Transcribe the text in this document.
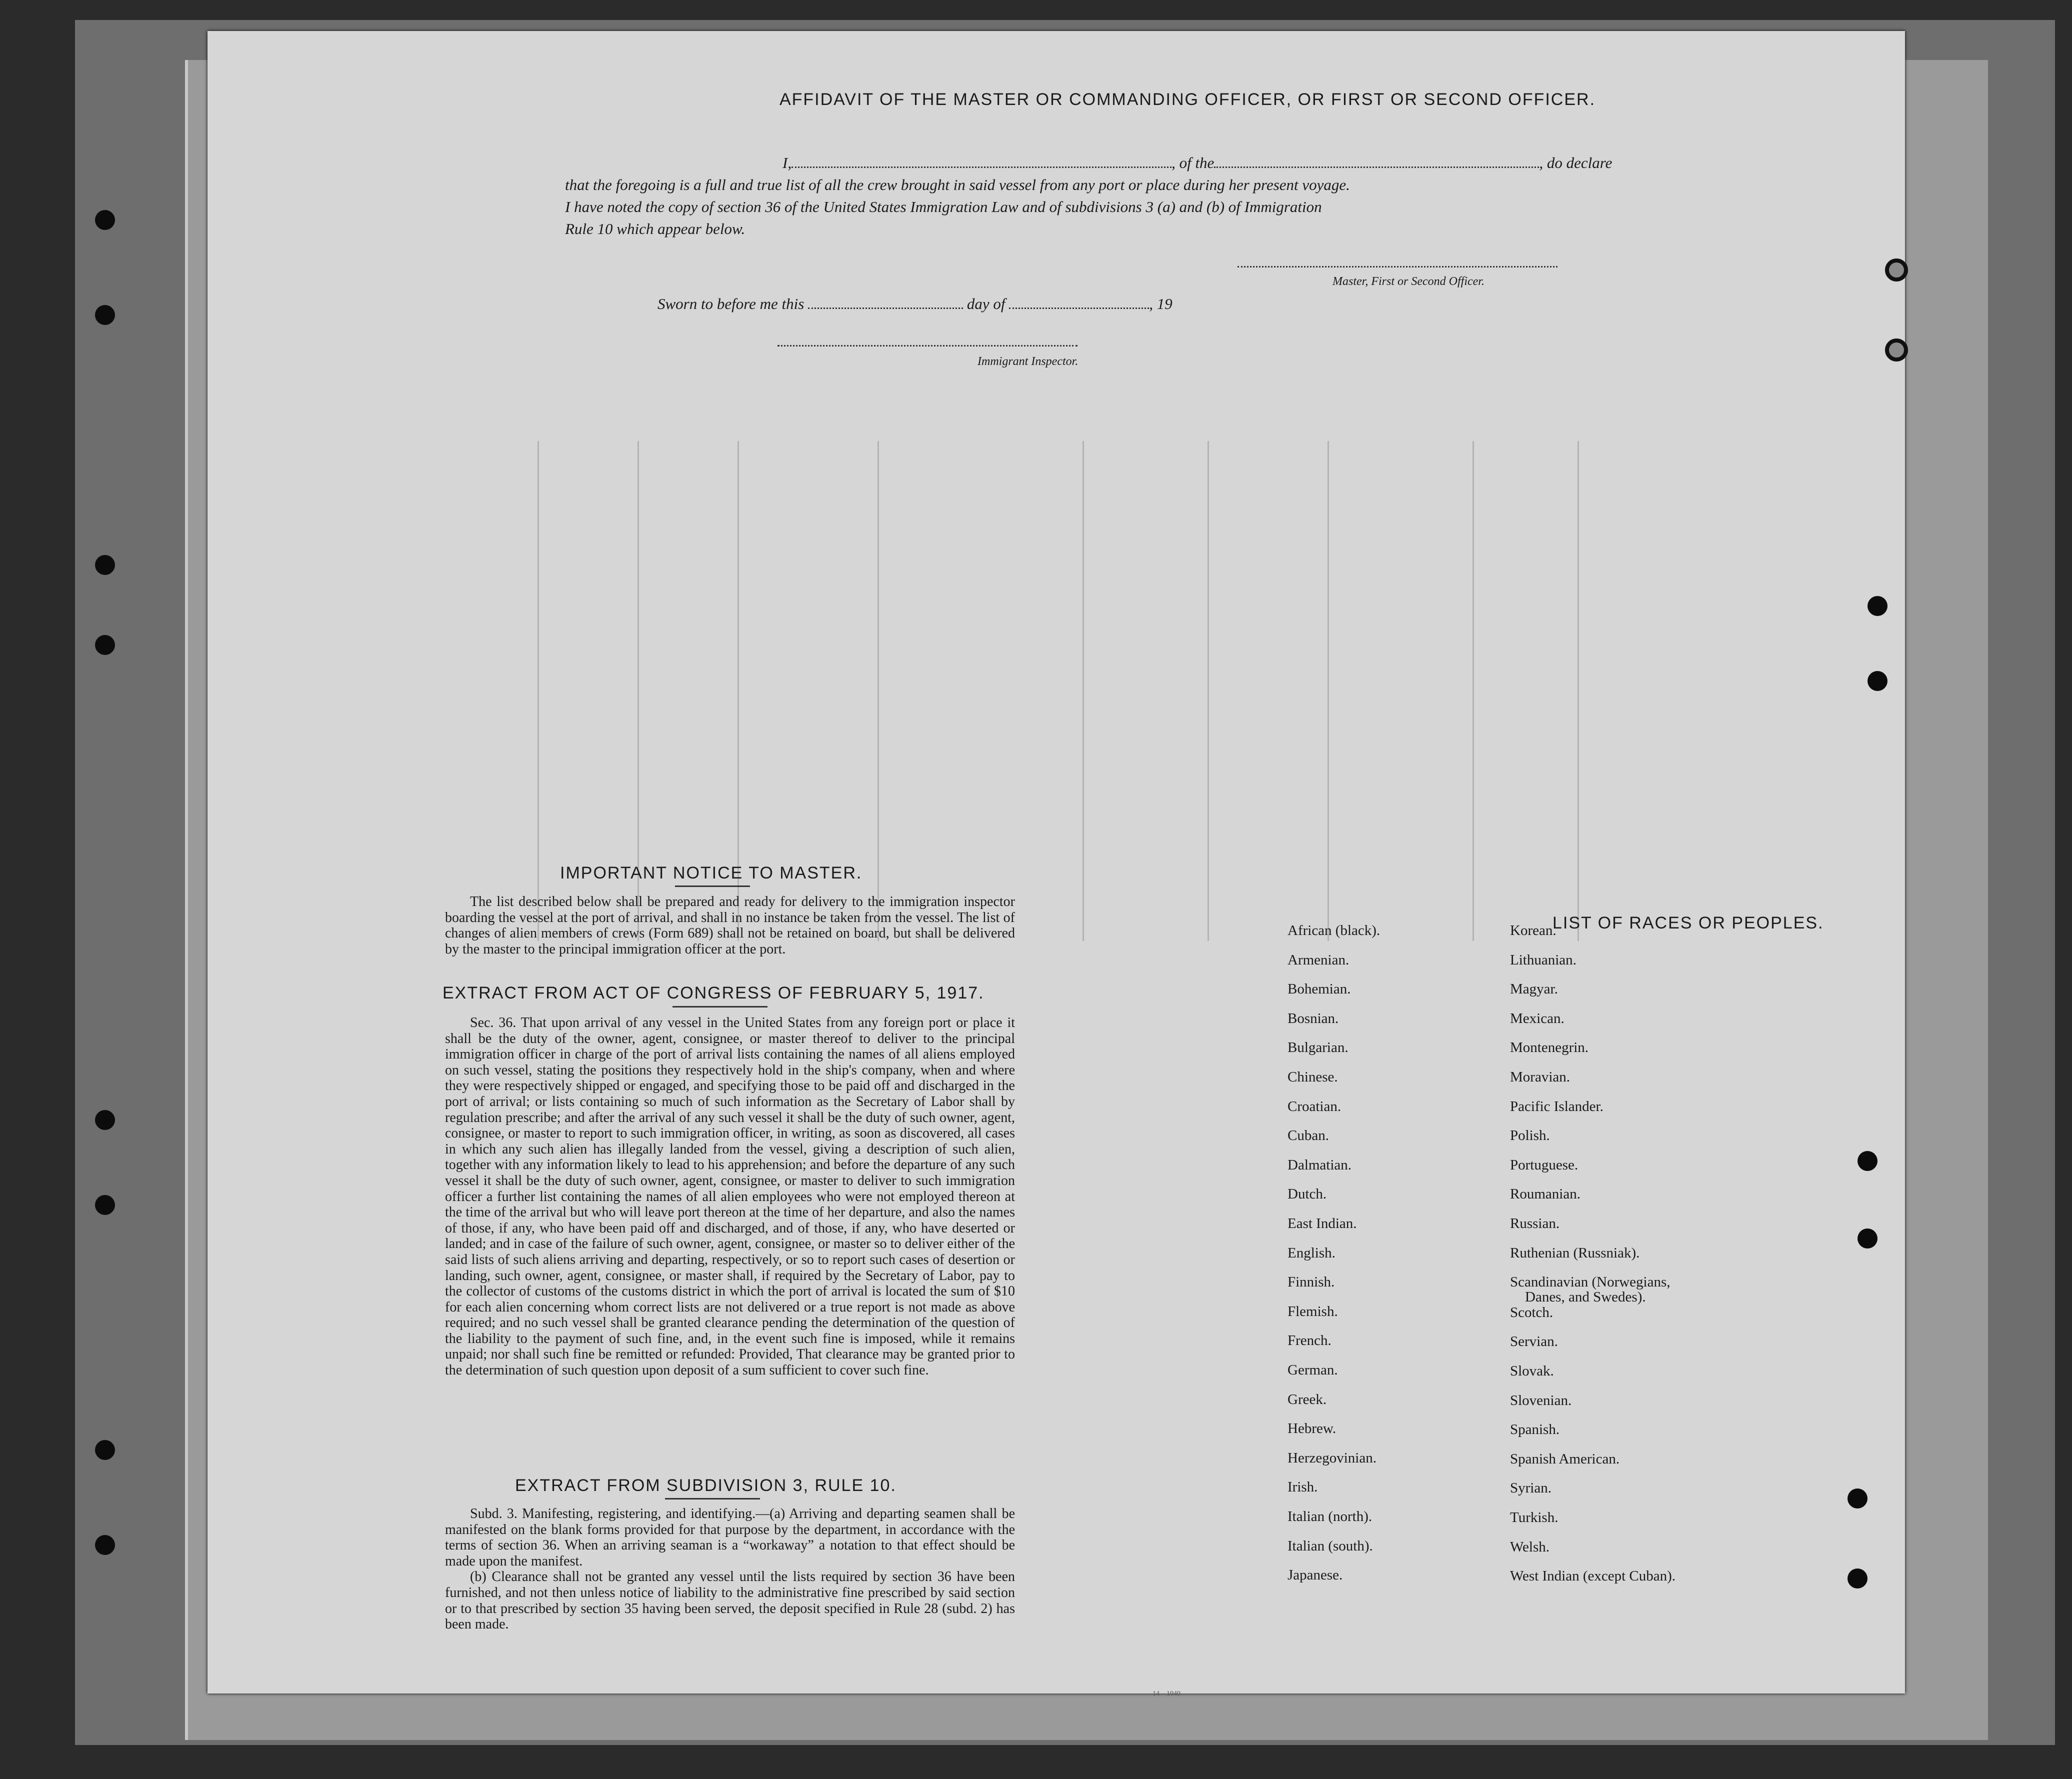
AFFIDAVIT OF THE MASTER OR COMMANDING OFFICER, OR FIRST OR SECOND OFFICER.
I,	, of the	, do declare
that the foregoing is a full and true list of all the crew brought in said vessel from any port or place during her present voyage.
I have noted the copy of section 36 of the United States Immigration Law and of subdivisions 3 (a) and (b) of Immigration
Rule 10 which appear below.
Master, First or Second Officer.
Sworn to before me this	day of	, 19
Immigrant Inspector.
IMPORTANT NOTICE TO MASTER.

The list described below shall be prepared and ready for delivery to the immigration inspector boarding the vessel at the port of arrival, and shall in no instance be taken from the vessel. The list of changes of alien members of crews (Form 689) shall not be retained on board, but shall be delivered by the master to the principal immigration officer at the port.

EXTRACT FROM ACT OF CONGRESS OF FEBRUARY 5, 1917.

Sec. 36. That upon arrival of any vessel in the United States from any foreign port or place it shall be the duty of the owner, agent, consignee, or master thereof to deliver to the principal immigration officer in charge of the port of arrival lists containing the names of all aliens employed on such vessel, stating the positions they respectively hold in the ship's company, when and where they were respectively shipped or engaged, and specifying those to be paid off and discharged in the port of arrival; or lists containing so much of such information as the Secretary of Labor shall by regulation prescribe; and after the arrival of any such vessel it shall be the duty of such owner, agent, consignee, or master to report to such immigration officer, in writing, as soon as discovered, all cases in which any such alien has illegally landed from the vessel, giving a description of such alien, together with any information likely to lead to his apprehension; and before the departure of any such vessel it shall be the duty of such owner, agent, consignee, or master to deliver to such immigration officer a further list containing the names of all alien employees who were not employed thereon at the time of the arrival but who will leave port thereon at the time of her departure, and also the names of those, if any, who have been paid off and discharged, and of those, if any, who have deserted or landed; and in case of the failure of such owner, agent, consignee, or master so to deliver either of the said lists of such aliens arriving and departing, respectively, or so to report such cases of desertion or landing, such owner, agent, consignee, or master shall, if required by the Secretary of Labor, pay to the collector of customs of the customs district in which the port of arrival is located the sum of $10 for each alien concerning whom correct lists are not delivered or a true report is not made as above required; and no such vessel shall be granted clearance pending the determination of the question of the liability to the payment of such fine, and, in the event such fine is imposed, while it remains unpaid; nor shall such fine be remitted or refunded: Provided, That clearance may be granted prior to the determination of such question upon deposit of a sum sufficient to cover such fine.

EXTRACT FROM SUBDIVISION 3, RULE 10.

Subd. 3. Manifesting, registering, and identifying.—(a) Arriving and departing seamen shall be manifested on the blank forms provided for that purpose by the department, in accordance with the terms of section 36. When an arriving seaman is a “workaway” a notation to that effect should be made upon the manifest.

(b) Clearance shall not be granted any vessel until the lists required by section 36 have been furnished, and not then unless notice of liability to the administrative fine prescribed by said section or to that prescribed by section 35 having been served, the deposit specified in Rule 28 (subd. 2) has been made.

LIST OF RACES OR PEOPLES.
African (black).
Armenian.
Bohemian.
Bosnian.
Bulgarian.
Chinese.
Croatian.
Cuban.
Dalmatian.
Dutch.
East Indian.
English.
Finnish.
Flemish.
French.
German.
Greek.
Hebrew.
Herzegovinian.
Irish.
Italian (north).
Italian (south).
Japanese.
Korean.
Lithuanian.
Magyar.
Mexican.
Montenegrin.
Moravian.
Pacific Islander.
Polish.
Portuguese.
Roumanian.
Russian.
Ruthenian (Russniak).
Scandinavian (Norwegians,
Danes, and Swedes).
Scotch.
Servian.
Slovak.
Slovenian.
Spanish.
Spanish American.
Syrian.
Turkish.
Welsh.
West Indian (except Cuban).
14—1040
